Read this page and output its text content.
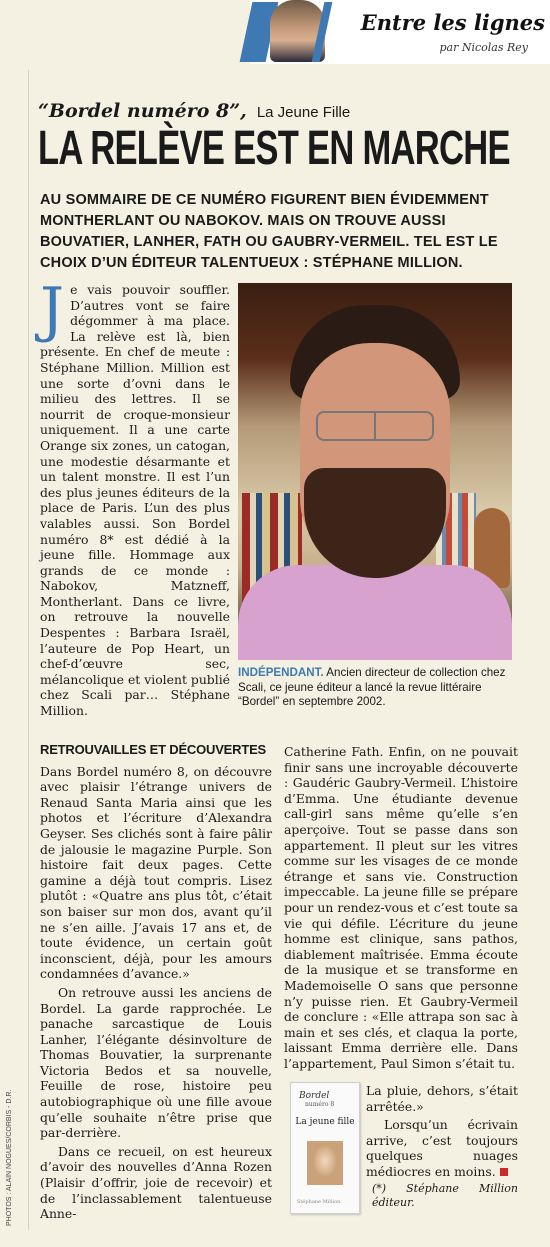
Entre les lignes
par Nicolas Rey
“Bordel numéro 8”, La Jeune Fille
LA RELÈVE EST EN MARCHE
AU SOMMAIRE DE CE NUMÉRO FIGURENT BIEN ÉVIDEMMENT MONTHERLANT OU NABOKOV. MAIS ON TROUVE AUSSI BOUVATIER, LANHER, FATH OU GAUBRY-VERMEIL. TEL EST LE CHOIX D’UN ÉDITEUR TALENTUEUX : STÉPHANE MILLION.
J e vais pouvoir souffler. D’autres vont se faire dégommer à ma place. La relève est là, bien présente. En chef de meute : Stéphane Million. Million est une sorte d’ovni dans le milieu des lettres. Il se nourrit de croque-monsieur uniquement. Il a une carte Orange six zones, un catogan, une modestie désarmante et un talent monstre. Il est l’un des plus jeunes éditeurs de la place de Paris. L’un des plus valables aussi. Son Bordel numéro 8* est dédié à la jeune fille. Hommage aux grands de ce monde : Nabokov, Matzneff, Montherlant. Dans ce livre, on retrouve la nouvelle Despentes : Barbara Israël, l’auteure de Pop Heart, un chef-d’œuvre sec, mélancolique et violent publié chez Scali par… Stéphane Million.
INDÉPENDANT. Ancien directeur de collection chez Scali, ce jeune éditeur a lancé la revue littéraire “Bordel” en septembre 2002.
RETROUVAILLES ET DÉCOUVERTES

Dans Bordel numéro 8, on découvre avec plaisir l’étrange univers de Renaud Santa Maria ainsi que les photos et l’écriture d’Alexandra Geyser. Ses clichés sont à faire pâlir de jalousie le magazine Purple. Son histoire fait deux pages. Cette gamine a déjà tout compris. Lisez plutôt : «Quatre ans plus tôt, c’était son baiser sur mon dos, avant qu’il ne s’en aille. J’avais 17 ans et, de toute évidence, un certain goût inconscient, déjà, pour les amours condamnées d’avance.»

On retrouve aussi les anciens de Bordel. La garde rapprochée. Le panache sarcastique de Louis Lanher, l’élégante désinvolture de Thomas Bouvatier, la surprenante Victoria Bedos et sa nouvelle, Feuille de rose, histoire peu autobiographique où une fille avoue qu’elle souhaite n’être prise que par-derrière.

Dans ce recueil, on est heureux d’avoir des nouvelles d’Anna Rozen (Plaisir d’offrir, joie de recevoir) et de l’inclassablement talentueuse Anne-

Catherine Fath. Enfin, on ne pouvait finir sans une incroyable découverte : Gaudéric Gaubry-Vermeil. L’histoire d’Emma. Une étudiante devenue call-girl sans même qu’elle s’en aperçoive. Tout se passe dans son appartement. Il pleut sur les vitres comme sur les visages de ce monde étrange et sans vie. Construction impeccable. La jeune fille se prépare pour un rendez-vous et c’est toute sa vie qui défile. L’écriture du jeune homme est clinique, sans pathos, diablement maîtrisée. Emma écoute de la musique et se transforme en Mademoiselle O sans que personne n’y puisse rien. Et Gaubry-Vermeil de conclure : «Elle attrapa son sac à main et ses clés, et claqua la porte, laissant Emma derrière elle. Dans l’appartement, Paul Simon s’était tu.

Bordel
numéro 8
La jeune fille
Stéphane Million

La pluie, dehors, s’était arrêtée.»

Lorsqu’un écrivain arrive, c’est toujours quelques nuages médiocres en moins.

(*) Stéphane Million éditeur.
PHOTOS : ALAIN NOGUES/CORBIS - D.R.
